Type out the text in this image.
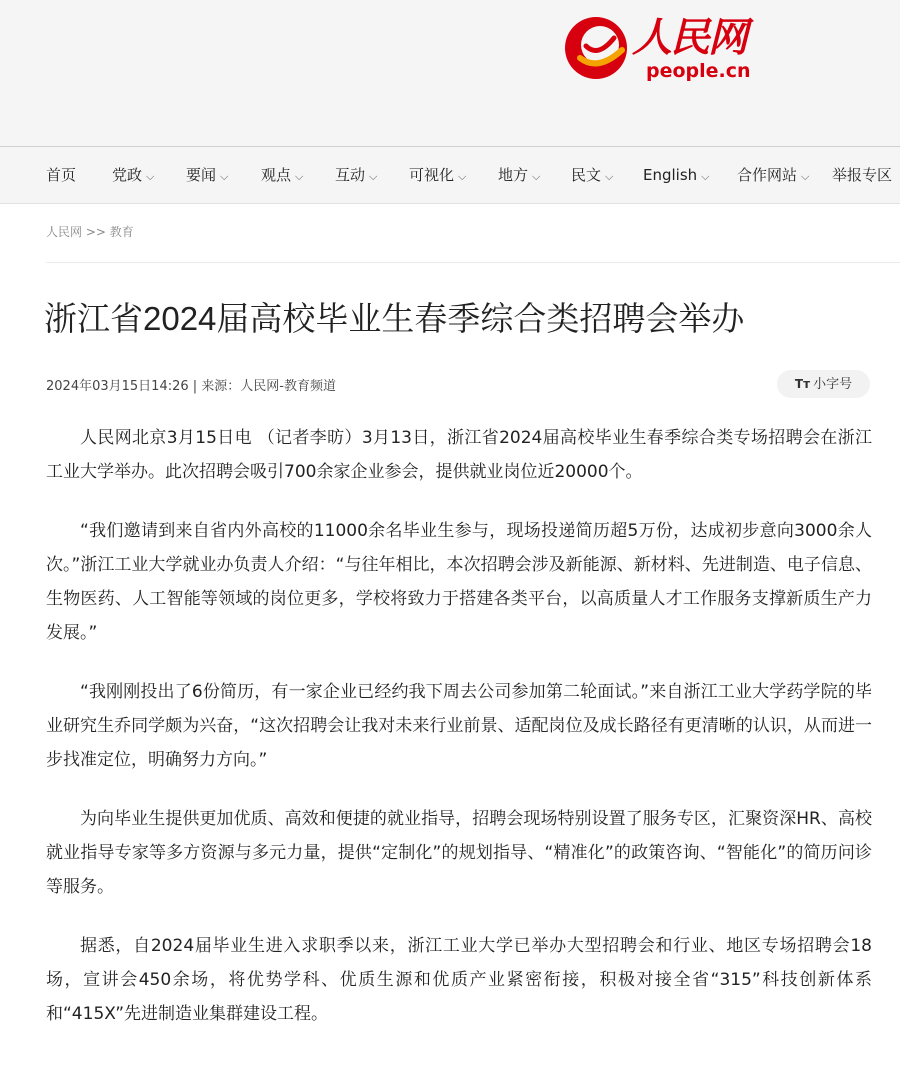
人民网
people.cn
首页 党政 ⌵ 要闻 ⌵ 观点 ⌵ 互动 ⌵ 可视化 ⌵ 地方 ⌵ 民文 ⌵ English ⌵ 合作网站 ⌵ 举报专区
人民网 >> 教育
浙江省2024届高校毕业生春季综合类招聘会举办
2024年03月15日14:26 | 来源：人民网-教育频道	Tт 小字号

人民网北京3月15日电 （记者李昉）3月13日，浙江省2024届高校毕业生春季综合类专场招聘会在浙江工业大学举办。此次招聘会吸引700余家企业参会，提供就业岗位近20000个。

“我们邀请到来自省内外高校的11000余名毕业生参与，现场投递简历超5万份，达成初步意向3000余人次。”浙江工业大学就业办负责人介绍：“与往年相比，本次招聘会涉及新能源、新材料、先进制造、电子信息、生物医药、人工智能等领域的岗位更多，学校将致力于搭建各类平台，以高质量人才工作服务支撑新质生产力发展。”

“我刚刚投出了6份简历，有一家企业已经约我下周去公司参加第二轮面试。”来自浙江工业大学药学院的毕业研究生乔同学颇为兴奋，“这次招聘会让我对未来行业前景、适配岗位及成长路径有更清晰的认识，从而进一步找准定位，明确努力方向。”

为向毕业生提供更加优质、高效和便捷的就业指导，招聘会现场特别设置了服务专区，汇聚资深HR、高校就业指导专家等多方资源与多元力量，提供“定制化”的规划指导、“精准化”的政策咨询、“智能化”的简历问诊等服务。

据悉，自2024届毕业生进入求职季以来，浙江工业大学已举办大型招聘会和行业、地区专场招聘会18场，宣讲会450余场，将优势学科、优质生源和优质产业紧密衔接，积极对接全省“315”科技创新体系和“415X”先进制造业集群建设工程。
